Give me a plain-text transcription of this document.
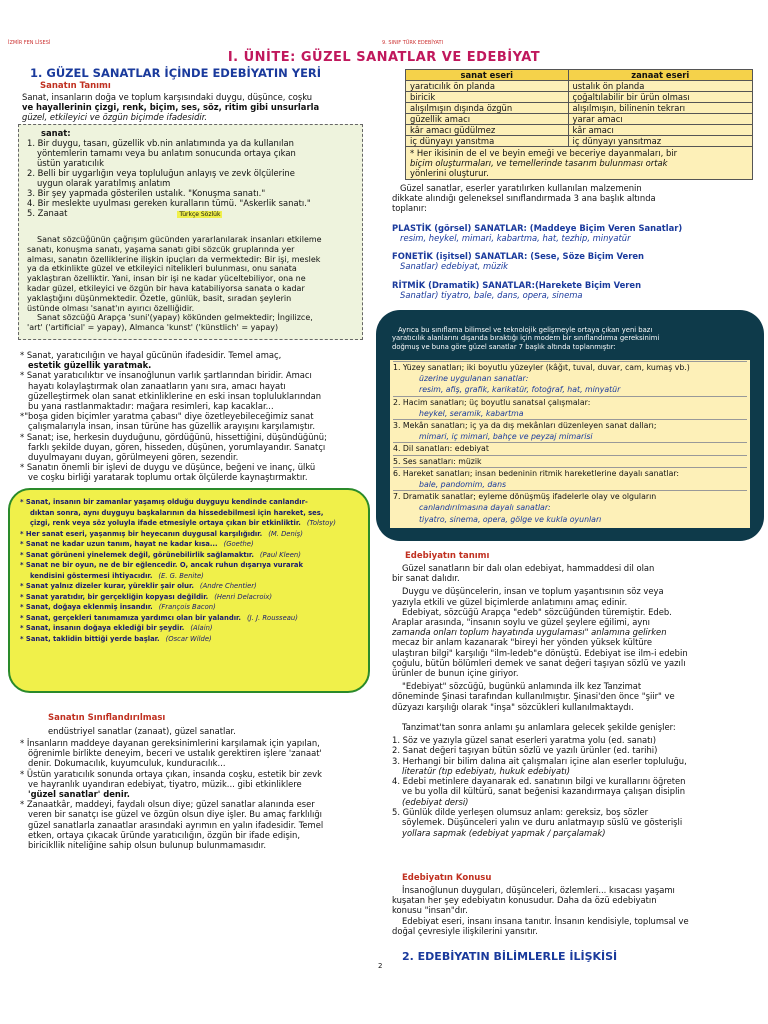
İZMİR FEN LİSESİ	9. SINIF TÜRK EDEBİYATI
I. ÜNİTE: GÜZEL SANATLAR VE EDEBİYAT
1. GÜZEL SANATLAR İÇİNDE EDEBİYATIN YERİ
Sanatın Tanımı
Sanat, insanların doğa ve toplum karşısındaki duygu, düşünce, coşku
ve hayallerinin çizgi, renk, biçim, ses, söz, ritim gibi unsurlarla
güzel, etkileyici ve özgün biçimde ifadesidir.
sanat:
1. Bir duygu, tasarı, güzellik vb.nin anlatımında ya da kullanılan
yöntemlerin tamamı veya bu anlatım sonucunda ortaya çıkan
üstün yaratıcılık
2. Belli bir uygarlığın veya topluluğun anlayış ve zevk ölçülerine
uygun olarak yaratılmış anlatım
3. Bir şey yapmada gösterilen ustalık. "Konuşma sanatı."
4. Bir meslekte uyulması gereken kuralların tümü. "Askerlik sanatı."
5. Zanaat	Türkçe Sözlük
Sanat sözcüğünün çağrışım gücünden yararlanılarak insanları etkileme
sanatı, konuşma sanatı, yaşama sanatı gibi sözcük gruplarında yer
alması, sanatın özelliklerine ilişkin ipuçları da vermektedir: Bir işi, meslek
ya da etkinlikte güzel ve etkileyici nitelikleri bulunması, onu sanata
yaklaştıran özelliktir. Yani, insan bir işi ne kadar yüceltebiliyor, ona ne
kadar güzel, etkileyici ve özgün bir hava katabiliyorsa sanata o kadar
yaklaştığını düşünmektedir. Özetle, günlük, basit, sıradan şeylerin
üstünde olması 'sanat'ın ayırıcı özelliğidir.
Sanat sözcüğü Arapça 'suni'(yapay) kökünden gelmektedir; İngilizce,
'art' ('artificial' = yapay), Almanca 'kunst' ('künstlich' = yapay)
* Sanat, yaratıcılığın ve hayal gücünün ifadesidir. Temel amaç,
estetik güzellik yaratmak.
* Sanat yaratıcılıktır ve insanoğlunun varlık şartlarından biridir. Amacı
hayatı kolaylaştırmak olan zanaatların yanı sıra, amacı hayatı
güzelleştirmek olan sanat etkinliklerine en eski insan topluluklarından
bu yana rastlanmaktadır: mağara resimleri, kap kacaklar...
*"boşa giden biçimler yaratma çabası" diye özetleyebileceğimiz sanat
çalışmalarıyla insan, insan türüne has güzellik arayışını karşılamıştır.
* Sanat; ise, herkesin duyduğunu, gördüğünü, hissettiğini, düşündüğünü;
farklı şekilde duyan, gören, hisseden, düşünen, yorumlayandır. Sanatçı
duyulmayanı duyan, görülmeyeni gören, sezendir.
* Sanatın önemli bir işlevi de duygu ve düşünce, beğeni ve inanç, ülkü
ve coşku birliği yaratarak toplumu ortak ölçülerde kaynaştırmaktır.
* Sanat, insanın bir zamanlar yaşamış olduğu duyguyu kendinde canlandır-
dıktan sonra, aynı duyguyu başkalarının da hissedebilmesi için hareket, ses,
çizgi, renk veya söz yoluyla ifade etmesiyle ortaya çıkan bir etkinliktir. (Tolstoy)
* Her sanat eseri, yaşanmış bir heyecanın duygusal karşılığıdır. (M. Deniş)
* Sanat ne kadar uzun tanım, hayat ne kadar kısa... (Goethe)
* Sanat görüneni yinelemek değil, görünebilirlik sağlamaktır. (Paul Kleen)
* Sanat ne bir oyun, ne de bir eğlencedir. O, ancak ruhun dışarıya vurarak
kendisini göstermesi ihtiyacıdır. (E. G. Benite)
* Sanat yalnız dizeler kurar, yüreklir şair olur. (Andre Chentier)
* Sanat yaratıdır, bir gerçekliğin kopyası değildir. (Henri Delacroix)
* Sanat, doğaya eklenmiş insandır. (François Bacon)
* Sanat, gerçekleri tanımamıza yardımcı olan bir yalandır. (J. J. Rousseau)
* Sanat, insanın doğaya eklediği bir şeydir. (Alain)
* Sanat, taklidin bittiği yerde başlar. (Oscar Wilde)
Sanatın Sınıflandırılması
endüstriyel sanatlar (zanaat), güzel sanatlar.
* İnsanların maddeye dayanan gereksinimlerini karşılamak için yapılan,
öğrenimle birlikte deneyim, beceri ve ustalık gerektiren işlere 'zanaat'
denir. Dokumacılık, kuyumculuk, kunduracılık...
* Üstün yaratıcılık sonunda ortaya çıkan, insanda coşku, estetik bir zevk
ve hayranlık uyandıran edebiyat, tiyatro, müzik... gibi etkinliklere
'güzel sanatlar' denir.
* Zanaatkâr, maddeyi, faydalı olsun diye; güzel sanatlar alanında eser
veren bir sanatçı ise güzel ve özgün olsun diye işler. Bu amaç farklılığı
güzel sanatlarla zanaatlar arasındaki ayrımın en yalın ifadesidir. Temel
etken, ortaya çıkacak üründe yaratıcılığın, özgün bir ifade edişin,
biricikllik niteliğine sahip olsun bulunup bulunmamasıdır.
sanat eseri	zanaat eseri
yaratıcılık ön planda	ustalık ön planda
biricik	çoğaltılabilir bir ürün olması
alışılmışın dışında özgün	alışılmışın, bilinenin tekrarı
güzellik amacı	yarar amacı
kâr amacı güdülmez	kâr amacı
iç dünyayı yansıtma	iç dünyayı yansıtmaz
* Her ikisinin de el ve beyin emeği ve beceriye dayanmaları, bir
biçim oluşturmaları, ve temellerinde tasarım bulunması ortak
yönlerini oluşturur.
Güzel sanatlar, eserler yaratılırken kullanılan malzemenin
dikkate alındığı geleneksel sınıflandırmada 3 ana başlık altında
toplanır:
PLASTİK (görsel) SANATLAR: (Maddeye Biçim Veren Sanatlar)
resim, heykel, mimari, kabartma, hat, tezhip, minyatür
FONETİK (işitsel) SANATLAR: (Sese, Söze Biçim Veren
Sanatlar) edebiyat, müzik
RİTMİK (Dramatik) SANATLAR:(Harekete Biçim Veren
Sanatlar) tiyatro, bale, dans, opera, sinema
Ayrıca bu sınıflama bilimsel ve teknolojik gelişmeyle ortaya çıkan yeni bazı
yaratıcılık alanlarını dışarıda bıraktığı için modern bir sınıflandırma gereksinimi
doğmuş ve buna göre güzel sanatlar 7 başlık altında toplanmıştır:
1. Yüzey sanatları; iki boyutlu yüzeyler (kâğıt, tuval, duvar, cam, kumaş vb.)
üzerine uygulanan sanatlar:
resim, afiş, grafik, karikatür, fotoğraf, hat, minyatür
2. Hacim sanatları; üç boyutlu sanatsal çalışmalar:
heykel, seramik, kabartma
3. Mekân sanatları; iç ya da dış mekânları düzenleyen sanat dalları;
mimari, iç mimari, bahçe ve peyzaj mimarisi
4. Dil sanatları: edebiyat
5. Ses sanatları: müzik
6. Hareket sanatları; insan bedeninin ritmik hareketlerine dayalı sanatlar:
bale, pandomim, dans
7. Dramatik sanatlar; eyleme dönüşmüş ifadelerle olay ve olguların
canlandırılmasına dayalı sanatlar:
tiyatro, sinema, opera, gölge ve kukla oyunları
Edebiyatın tanımı
Güzel sanatların bir dalı olan edebiyat, hammaddesi dil olan
bir sanat dalıdır.
Duygu ve düşüncelerin, insan ve toplum yaşantısının söz veya
yazıyla etkili ve güzel biçimlerde anlatımını amaç edinir.
Edebiyat, sözcüğü Arapça "edeb" sözcüğünden türemiştir. Edeb.
Araplar arasında, "insanın soylu ve güzel şeylere eğilimi, aynı
zamanda onları toplum hayatında uygulaması" anlamına gelirken
mecaz bir anlam kazanarak "bireyi her yönden yüksek kültüre
ulaştıran bilgi" karşılığı "ilm-ledeb"e dönüştü. Edebiyat ise ilm-i edebin
çoğulu, bütün bölümleri demek ve sanat değeri taşıyan sözlü ve yazılı
ürünler de bunun içine giriyor.
"Edebiyat" sözcüğü, bugünkü anlamında ilk kez Tanzimat
döneminde Şinasi tarafından kullanılmıştır. Şinasi'den önce "şiir" ve
düzyazı karşılığı olarak "inşa" sözcükleri kullanılmaktaydı.
Tanzimat'tan sonra anlamı şu anlamlara gelecek şekilde genişler:
1. Söz ve yazıyla güzel sanat eserleri yaratma yolu (ed. sanatı)
2. Sanat değeri taşıyan bütün sözlü ve yazılı ürünler (ed. tarihi)
3. Herhangi bir bilim dalına ait çalışmaları içine alan eserler topluluğu,
literatür (tıp edebiyatı, hukuk edebiyatı)
4. Edebi metinlere dayanarak ed. sanatının bilgi ve kurallarını öğreten
ve bu yolla dil kültürü, sanat beğenisi kazandırmaya çalışan disiplin
(edebiyat dersi)
5. Günlük dilde yerleşen olumsuz anlam: gereksiz, boş sözler
söylemek. Düşünceleri yalın ve duru anlatmayıp süslü ve gösterişli
yollara sapmak (edebiyat yapmak / parçalamak)
Edebiyatın Konusu
İnsanoğlunun duyguları, düşünceleri, özlemleri... kısacası yaşamı
kuşatan her şey edebiyatın konusudur. Daha da özü edebiyatın
konusu "insan"dır.
Edebiyat eseri, insanı insana tanıtır. İnsanın kendisiyle, toplumsal ve
doğal çevresiyle ilişkilerini yansıtır.
2. EDEBİYATIN BİLİMLERLE İLİŞKİSİ
2
